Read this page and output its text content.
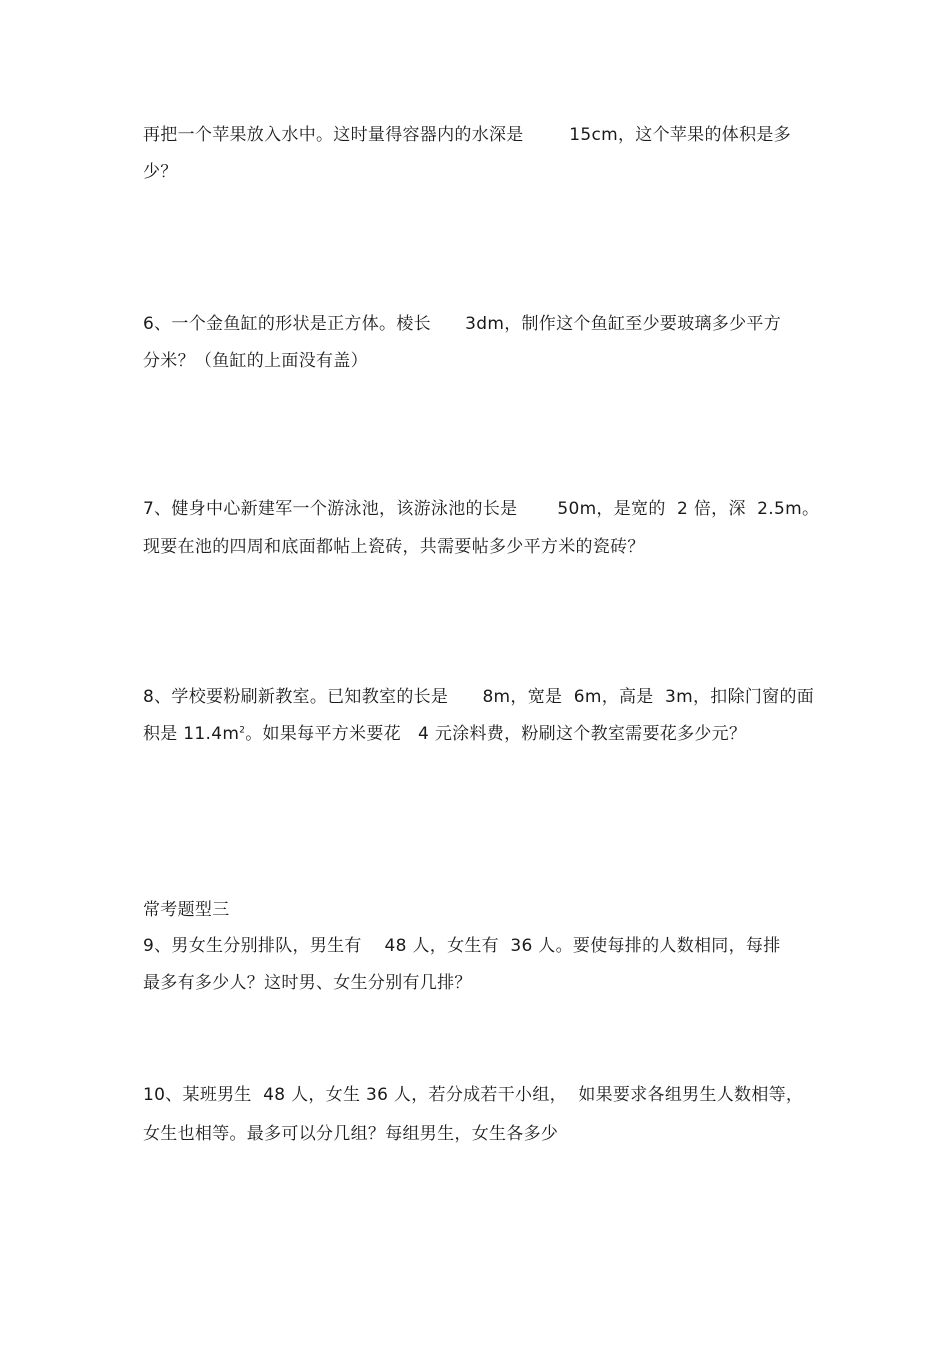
再把一个苹果放入水中。这时量得容器内的水深是        15cm，这个苹果的体积是多
少？
6、一个金鱼缸的形状是正方体。棱长      3dm，制作这个鱼缸至少要玻璃多少平方
分米？（鱼缸的上面没有盖）
7、健身中心新建军一个游泳池，该游泳池的长是       50m，是宽的  2 倍，深  2.5m。
现要在池的四周和底面都帖上瓷砖，共需要帖多少平方米的瓷砖？
8、学校要粉刷新教室。已知教室的长是      8m，宽是  6m，高是  3m，扣除门窗的面
积是 $11.4m^2$。如果每平方米要花   4 元涂料费，粉刷这个教室需要花多少元？
常考题型三
9、男女生分别排队，男生有    48 人，女生有  36 人。要使每排的人数相同，每排
最多有多少人？这时男、女生分别有几排？
10、某班男生  48 人，女生 36 人，若分成若干小组，  如果要求各组男生人数相等，
女生也相等。最多可以分几组？每组男生，女生各多少
